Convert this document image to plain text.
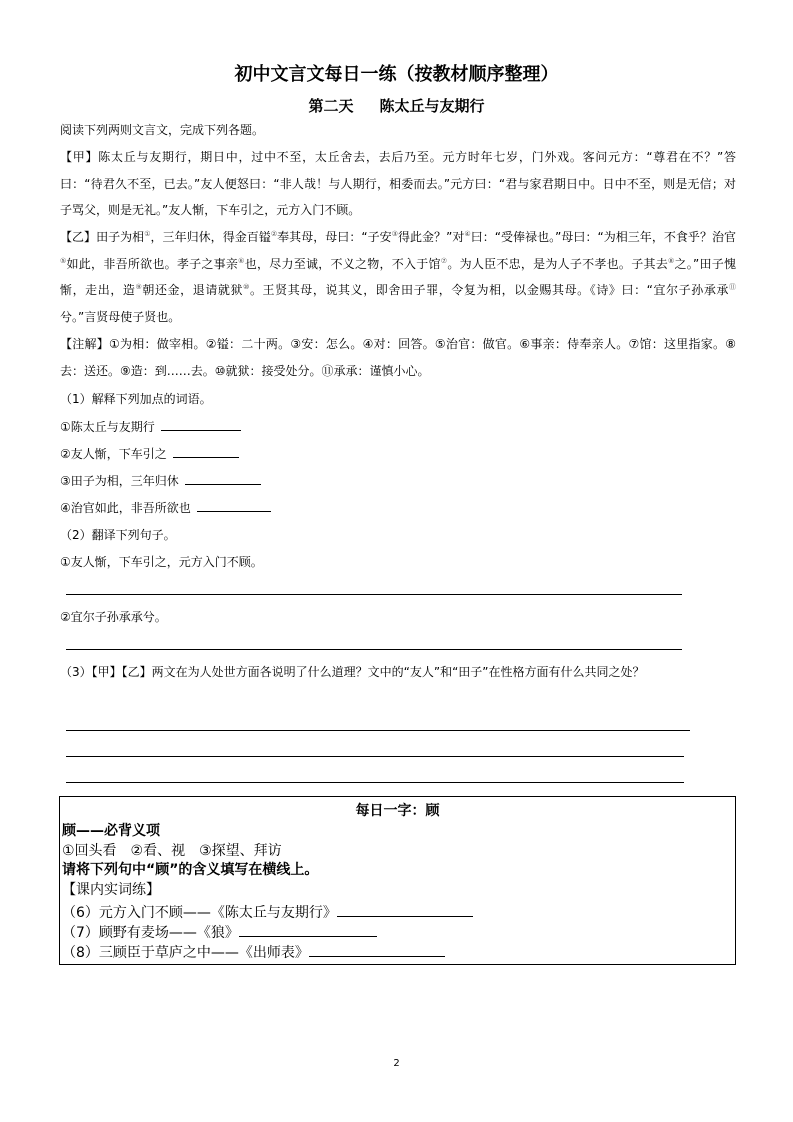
初中文言文每日一练（按教材顺序整理）
第二天 陈太丘与友期行
阅读下列两则文言文，完成下列各题。
【甲】陈太丘与友期行，期日中，过中不至，太丘舍去，去后乃至。元方时年七岁，门外戏。客问元方：“尊君在不？”答曰：“待君久不至，已去。”友人便怒曰：“非人哉！与人期行，相委而去。”元方曰：“君与家君期日中。日中不至，则是无信；对子骂父，则是无礼。”友人惭，下车引之，元方入门不顾。
【乙】田子为相①，三年归休，得金百镒②奉其母，母曰：“子安③得此金？”对④曰：“受俸禄也。”母曰：“为相三年，不食乎？治官⑤如此，非吾所欲也。孝子之事亲⑥也，尽力至诚，不义之物，不入于馆⑦。为人臣不忠，是为人子不孝也。子其去⑧之。”田子愧惭，走出，造⑨朝还金，退请就狱⑩。王贤其母，说其义，即舍田子罪，令复为相，以金赐其母。《诗》曰：“宜尔子孙承承⑪兮。”言贤母使子贤也。
【注解】①为相：做宰相。②镒：二十两。③安：怎么。④对：回答。⑤治官：做官。⑥事亲：侍奉亲人。⑦馆：这里指家。⑧去：送还。⑨造：到……去。⑩就狱：接受处分。⑪承承：谨慎小心。
（1）解释下列加点的词语。
①陈太丘与友期行
②友人惭，下车引之
③田子为相，三年归休
④治官如此，非吾所欲也
（2）翻译下列句子。
①友人惭，下车引之，元方入门不顾。
②宜尔子孙承承兮。
（3）【甲】【乙】两文在为人处世方面各说明了什么道理？文中的“友人”和“田子”在性格方面有什么共同之处？
每日一字：顾
顾——必背义项
①回头看　②看、视　③探望、拜访
请将下列句中“顾”的含义填写在横线上。
【课内实词练】
（6）元方入门不顾——《陈太丘与友期行》
（7）顾野有麦场——《狼》
（8）三顾臣于草庐之中——《出师表》
2
